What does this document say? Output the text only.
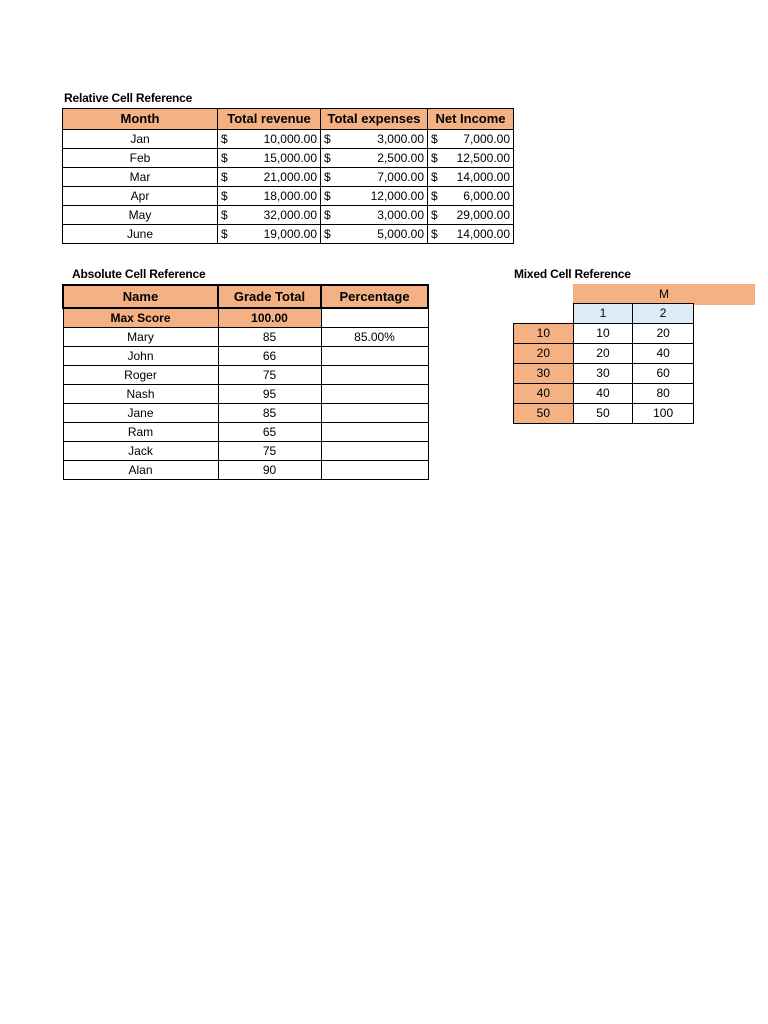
Relative Cell Reference
Month	Total revenue	Total expenses	Net Income
Jan	$ 10,000.00	$ 3,000.00	$ 7,000.00

Feb	$ 15,000.00	$ 2,500.00	$ 12,500.00

Mar	$ 21,000.00	$ 7,000.00	$ 14,000.00

Apr	$ 18,000.00	$ 12,000.00	$ 6,000.00

May	$ 32,000.00	$ 3,000.00	$ 29,000.00

June	$ 19,000.00	$ 5,000.00	$ 14,000.00
Absolute Cell Reference
Name	Grade Total	Percentage
Max Score	100.00	
Mary	85	85.00%
John	66	
Roger	75	
Nash	95	
Jane	85	
Ram	65	
Jack	75	
Alan	90	
Mixed Cell Reference
M

	1	2
10	10	20
20	20	40
30	30	60
40	40	80
50	50	100
